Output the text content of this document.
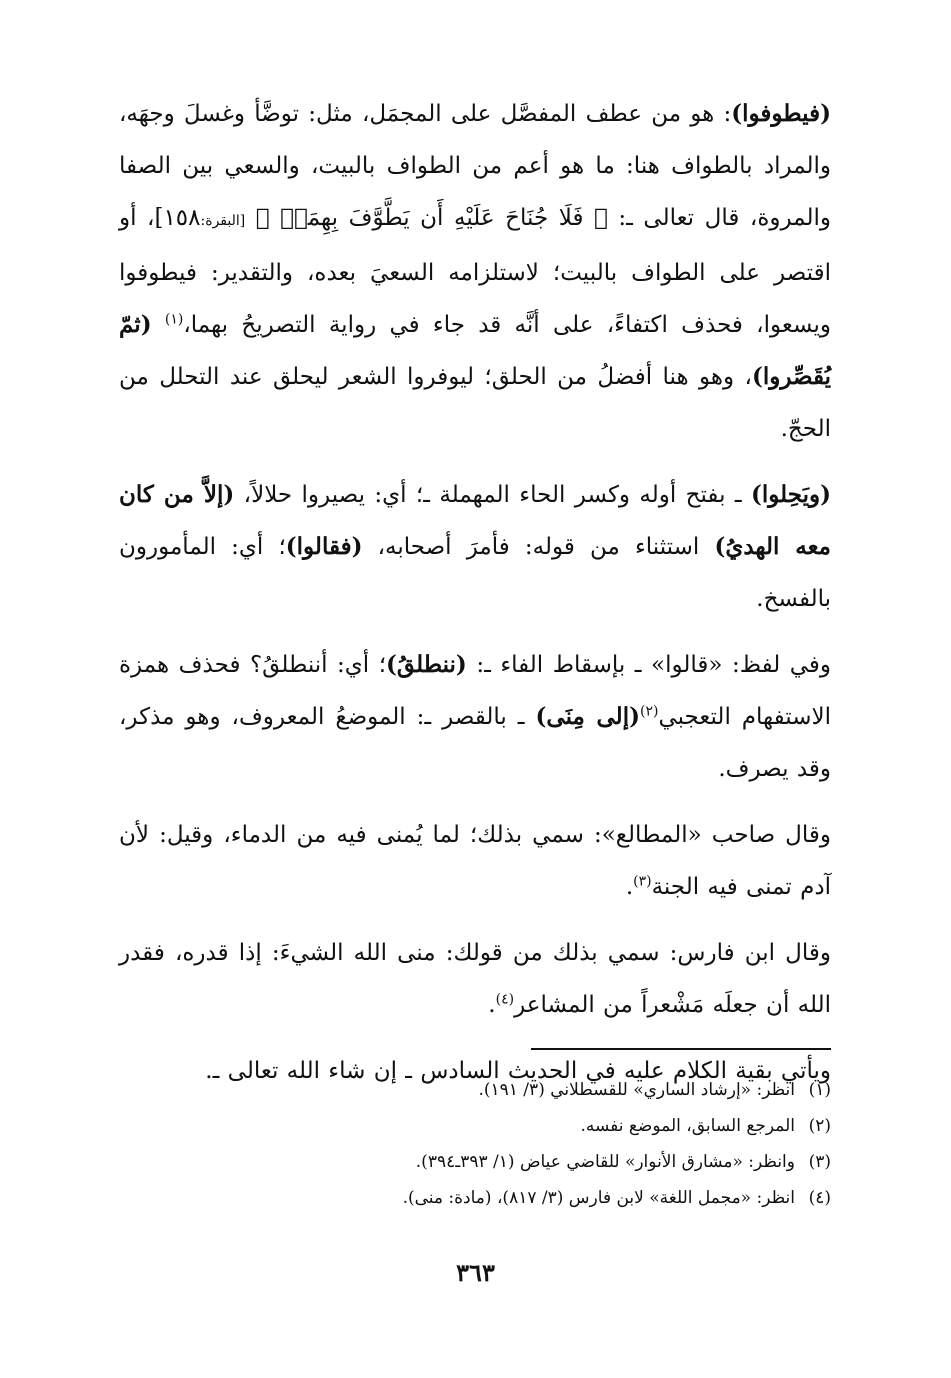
(فيطوفوا): هو من عطف المفصَّل على المجمَل، مثل: توضَّأ وغسلَ وجهَه، والمراد بالطواف هنا: ما هو أعم من الطواف بالبيت، والسعي بين الصفا والمروة، قال تعالى ـ: ﴿ فَلَا جُنَاحَ عَلَيْهِ أَن يَطَّوَّفَ بِهِمَاۚ ﴾ [البقرة:١٥٨]، أو اقتصر على الطواف بالبيت؛ لاستلزامه السعيَ بعده، والتقدير: فيطوفوا ويسعوا، فحذف اكتفاءً، على أنَّه قد جاء في رواية التصريحُ بهما،$^{(١)}$ (ثمّ يُقَصِّروا)، وهو هنا أفضلُ من الحلق؛ ليوفروا الشعر ليحلق عند التحلل من الحجّ.

(ويَحِلوا) ـ بفتح أوله وكسر الحاء المهملة ـ؛ أي: يصيروا حلالاً، (إلاَّ من كان معه الهديُ) استثناء من قوله: فأمرَ أصحابه، (فقالوا)؛ أي: المأمورون بالفسخ.

وفي لفظ: «قالوا» ـ بإسقاط الفاء ـ: (ننطلقُ)؛ أي: أننطلقُ؟ فحذف همزة الاستفهام التعجبي$^{(٢)}$(إلى مِنَى) ـ بالقصر ـ: الموضعُ المعروف، وهو مذكر، وقد يصرف.

وقال صاحب «المطالع»: سمي بذلك؛ لما يُمنى فيه من الدماء، وقيل: لأن آدم تمنى فيه الجنة$^{(٣)}$.

وقال ابن فارس: سمي بذلك من قولك: منى الله الشيءَ: إذا قدره، فقدر الله أن جعلَه مَشْعراً من المشاعر$^{(٤)}$.

ويأتي بقية الكلام عليه في الحديث السادس ـ إن شاء الله تعالى ـ.

(١)انظر: «إرشاد الساري» للقسطلاني (٣/ ١٩١).
(٢)المرجع السابق، الموضع نفسه.
(٣)وانظر: «مشارق الأنوار» للقاضي عياض (١/ ٣٩٣ـ٣٩٤).
(٤)انظر: «مجمل اللغة» لابن فارس (٣/ ٨١٧)، (مادة: منى).
٣٦٣
